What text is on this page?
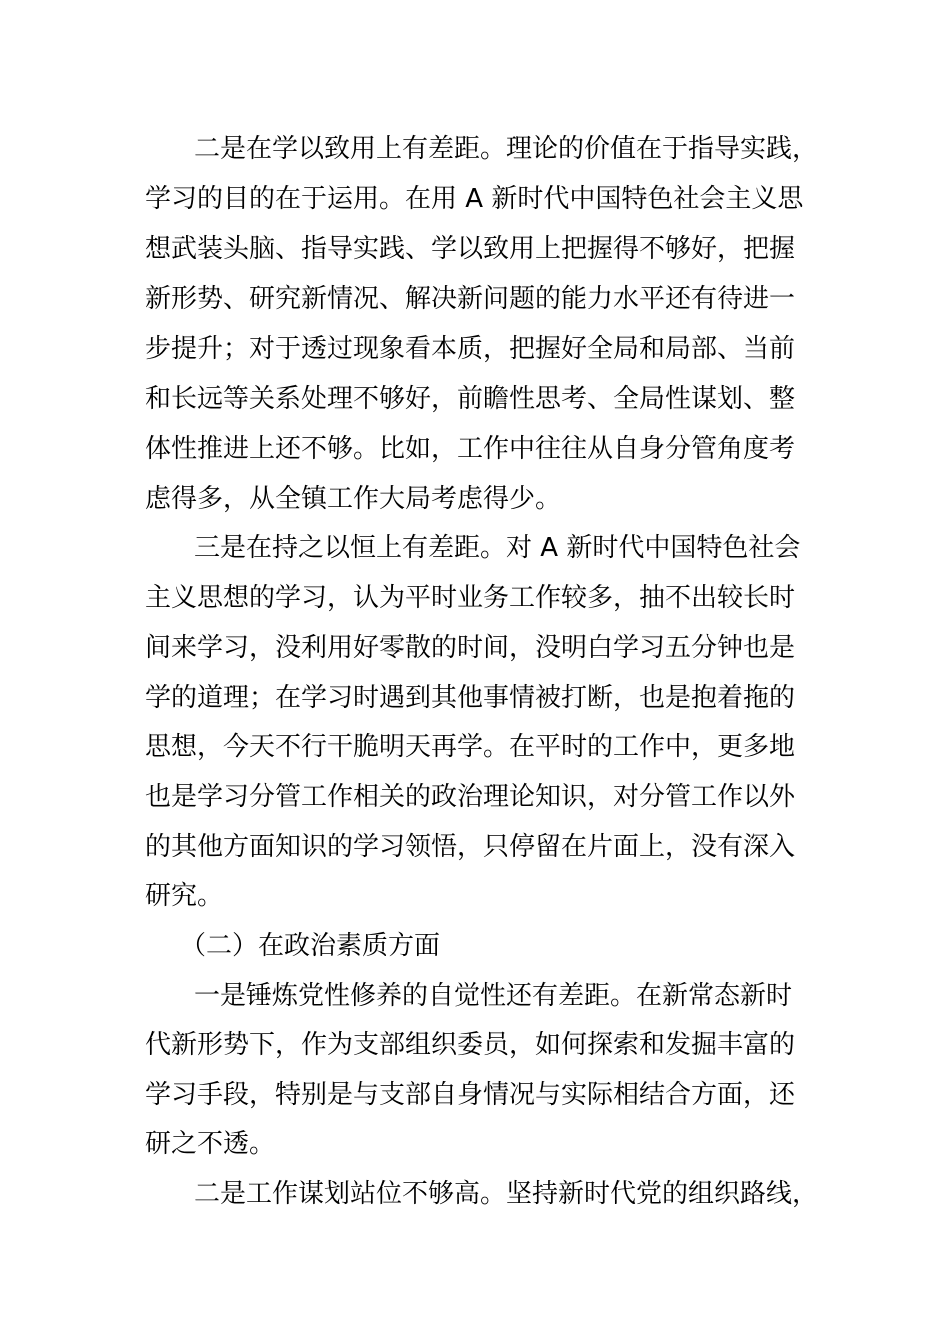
二是在学以致用上有差距。理论的价值在于指导实践，
学习的目的在于运用。在用 A 新时代中国特色社会主义思
想武装头脑、指导实践、学以致用上把握得不够好，把握
新形势、研究新情况、解决新问题的能力水平还有待进一
步提升；对于透过现象看本质，把握好全局和局部、当前
和长远等关系处理不够好，前瞻性思考、全局性谋划、整
体性推进上还不够。比如，工作中往往从自身分管角度考
虑得多，从全镇工作大局考虑得少。
三是在持之以恒上有差距。对 A 新时代中国特色社会
主义思想的学习，认为平时业务工作较多，抽不出较长时
间来学习，没利用好零散的时间，没明白学习五分钟也是
学的道理；在学习时遇到其他事情被打断，也是抱着拖的
思想，今天不行干脆明天再学。在平时的工作中，更多地
也是学习分管工作相关的政治理论知识，对分管工作以外
的其他方面知识的学习领悟，只停留在片面上，没有深入
研究。
（二）在政治素质方面
一是锤炼党性修养的自觉性还有差距。在新常态新时
代新形势下，作为支部组织委员，如何探索和发掘丰富的
学习手段，特别是与支部自身情况与实际相结合方面，还
研之不透。
二是工作谋划站位不够高。坚持新时代党的组织路线，
